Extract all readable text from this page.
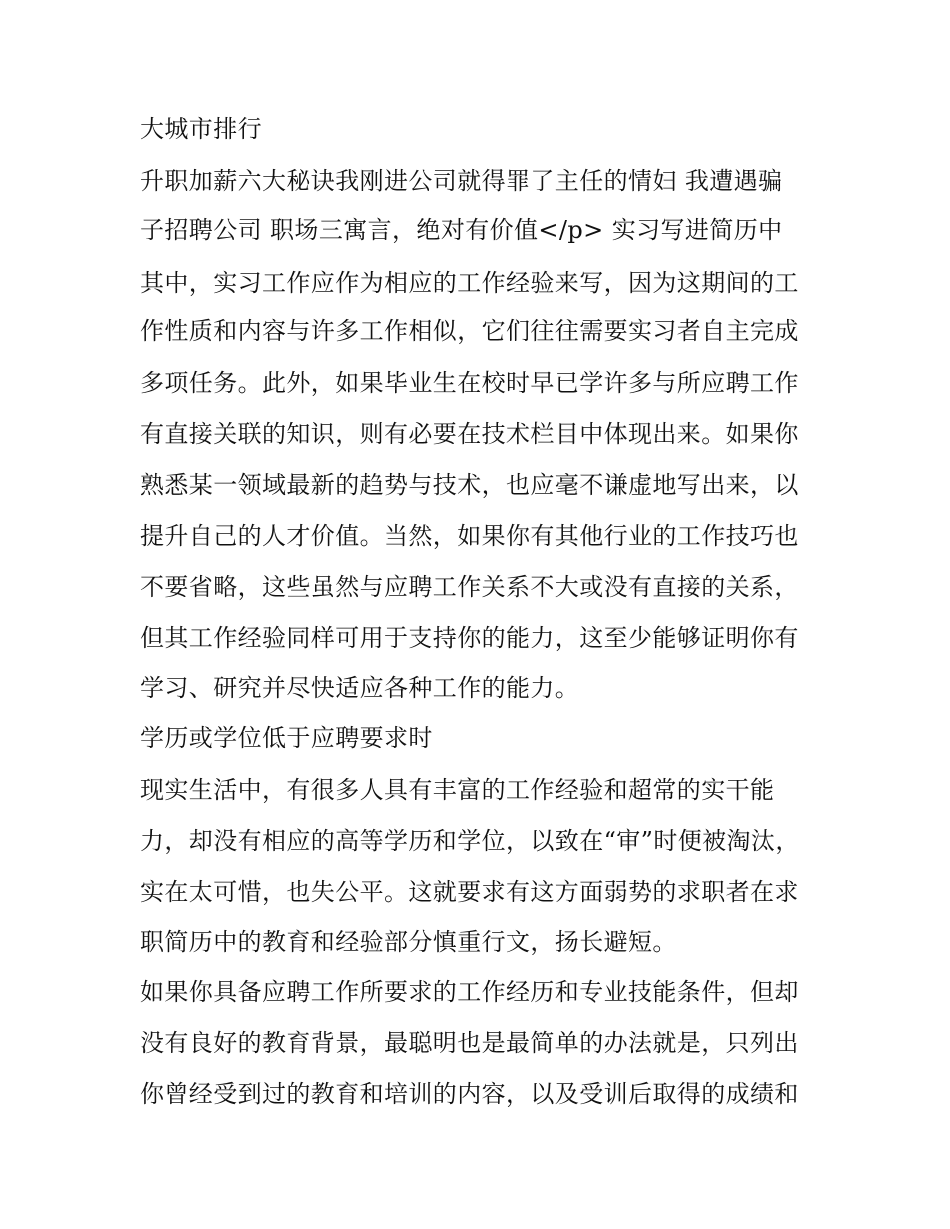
大城市排行
升职加薪六大秘诀我刚进公司就得罪了主任的情妇 我遭遇骗
子招聘公司 职场三寓言，绝对有价值</p> 实习写进简历中
其中，实习工作应作为相应的工作经验来写，因为这期间的工
作性质和内容与许多工作相似，它们往往需要实习者自主完成
多项任务。此外，如果毕业生在校时早已学许多与所应聘工作
有直接关联的知识，则有必要在技术栏目中体现出来。如果你
熟悉某一领域最新的趋势与技术，也应毫不谦虚地写出来，以
提升自己的人才价值。当然，如果你有其他行业的工作技巧也
不要省略，这些虽然与应聘工作关系不大或没有直接的关系，
但其工作经验同样可用于支持你的能力，这至少能够证明你有
学习、研究并尽快适应各种工作的能力。
学历或学位低于应聘要求时
现实生活中，有很多人具有丰富的工作经验和超常的实干能
力，却没有相应的高等学历和学位，以致在“审”时便被淘汰，
实在太可惜，也失公平。这就要求有这方面弱势的求职者在求
职简历中的教育和经验部分慎重行文，扬长避短。
如果你具备应聘工作所要求的工作经历和专业技能条件，但却
没有良好的教育背景，最聪明也是最简单的办法就是，只列出
你曾经受到过的教育和培训的内容，以及受训后取得的成绩和
